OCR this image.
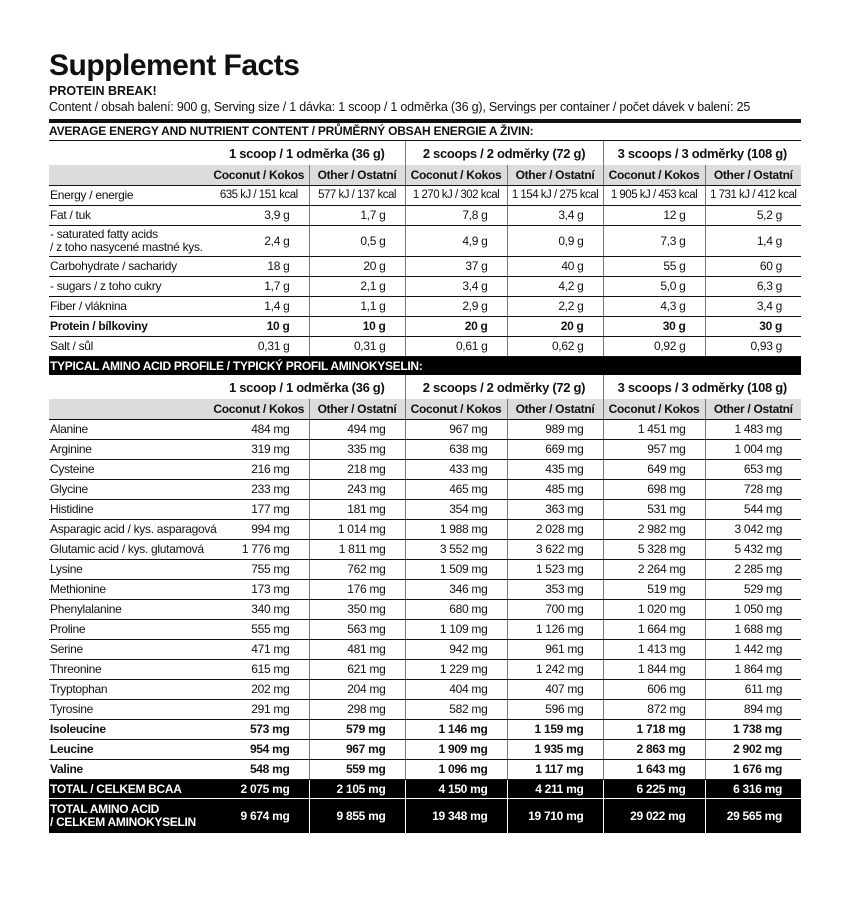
Supplement Facts
PROTEIN BREAK!
Content / obsah balení: 900 g, Serving size / 1 dávka: 1 scoop / 1 odměrka (36 g), Servings per container / počet dávek v balení: 25
AVERAGE ENERGY AND NUTRIENT CONTENT / PRŮMĚRNÝ OBSAH ENERGIE A ŽIVIN:
	1 scoop / 1 odměrka (36 g)		2 scoops / 2 odměrky (72 g)		3 scoops / 3 odměrky (108 g)	
	Coconut / Kokos	Other / Ostatní	Coconut / Kokos	Other / Ostatní	Coconut / Kokos	Other / Ostatní
Energy / energie	635 kJ / 151 kcal	577 kJ / 137 kcal	1 270 kJ / 302 kcal	1 154 kJ / 275 kcal	1 905 kJ / 453 kcal	1 731 kJ / 412 kcal
Fat / tuk	3,9 g	1,7 g	7,8 g	3,4 g	12 g	5,2 g
- saturated fatty acids
/ z toho nasycené mastné kys.	2,4 g	0,5 g	4,9 g	0,9 g	7,3 g	1,4 g
Carbohydrate / sacharidy	18 g	20 g	37 g	40 g	55 g	60 g
- sugars / z toho cukry	1,7 g	2,1 g	3,4 g	4,2 g	5,0 g	6,3 g
Fiber / vláknina	1,4 g	1,1 g	2,9 g	2,2 g	4,3 g	3,4 g
Protein / bílkoviny	10 g	10 g	20 g	20 g	30 g	30 g
Salt / sůl	0,31 g	0,31 g	0,61 g	0,62 g	0,92 g	0,93 g
TYPICAL AMINO ACID PROFILE / TYPICKÝ PROFIL AMINOKYSELIN:						
	1 scoop / 1 odměrka (36 g)		2 scoops / 2 odměrky (72 g)		3 scoops / 3 odměrky (108 g)	
	Coconut / Kokos	Other / Ostatní	Coconut / Kokos	Other / Ostatní	Coconut / Kokos	Other / Ostatní
Alanine	484 mg	494 mg	967 mg	989 mg	1 451 mg	1 483 mg
Arginine	319 mg	335 mg	638 mg	669 mg	957 mg	1 004 mg
Cysteine	216 mg	218 mg	433 mg	435 mg	649 mg	653 mg
Glycine	233 mg	243 mg	465 mg	485 mg	698 mg	728 mg
Histidine	177 mg	181 mg	354 mg	363 mg	531 mg	544 mg
Asparagic acid / kys. asparagová	994 mg	1 014 mg	1 988 mg	2 028 mg	2 982 mg	3 042 mg
Glutamic acid / kys. glutamová	1 776 mg	1 811 mg	3 552 mg	3 622 mg	5 328 mg	5 432 mg
Lysine	755 mg	762 mg	1 509 mg	1 523 mg	2 264 mg	2 285 mg
Methionine	173 mg	176 mg	346 mg	353 mg	519 mg	529 mg
Phenylalanine	340 mg	350 mg	680 mg	700 mg	1 020 mg	1 050 mg
Proline	555 mg	563 mg	1 109 mg	1 126 mg	1 664 mg	1 688 mg
Serine	471 mg	481 mg	942 mg	961 mg	1 413 mg	1 442 mg
Threonine	615 mg	621 mg	1 229 mg	1 242 mg	1 844 mg	1 864 mg
Tryptophan	202 mg	204 mg	404 mg	407 mg	606 mg	611 mg
Tyrosine	291 mg	298 mg	582 mg	596 mg	872 mg	894 mg
Isoleucine	573 mg	579 mg	1 146 mg	1 159 mg	1 718 mg	1 738 mg
Leucine	954 mg	967 mg	1 909 mg	1 935 mg	2 863 mg	2 902 mg
Valine	548 mg	559 mg	1 096 mg	1 117 mg	1 643 mg	1 676 mg
TOTAL / CELKEM BCAA	2 075 mg	2 105 mg	4 150 mg	4 211 mg	6 225 mg	6 316 mg
TOTAL AMINO ACID
/ CELKEM AMINOKYSELIN	9 674 mg	9 855 mg	19 348 mg	19 710 mg	29 022 mg	29 565 mg
